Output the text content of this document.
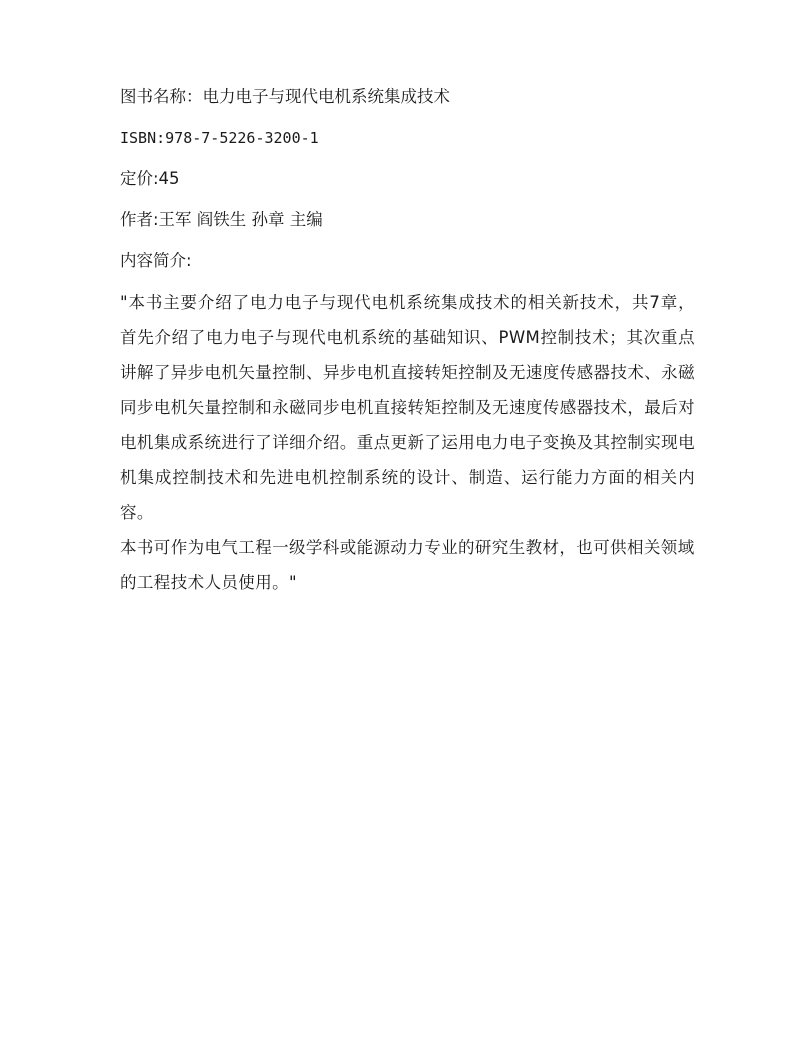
图书名称：电力电子与现代电机系统集成技术
ISBN:978-7-5226-3200-1
定价:45
作者:王军 阎铁生 孙章 主编
内容简介:
"本书主要介绍了电力电子与现代电机系统集成技术的相关新技术，共7章，首先介绍了电力电子与现代电机系统的基础知识、PWM控制技术；其次重点讲解了异步电机矢量控制、异步电机直接转矩控制及无速度传感器技术、永磁同步电机矢量控制和永磁同步电机直接转矩控制及无速度传感器技术，最后对电机集成系统进行了详细介绍。重点更新了运用电力电子变换及其控制实现电机集成控制技术和先进电机控制系统的设计、制造、运行能力方面的相关内容。
本书可作为电气工程一级学科或能源动力专业的研究生教材，也可供相关领域的工程技术人员使用。"
